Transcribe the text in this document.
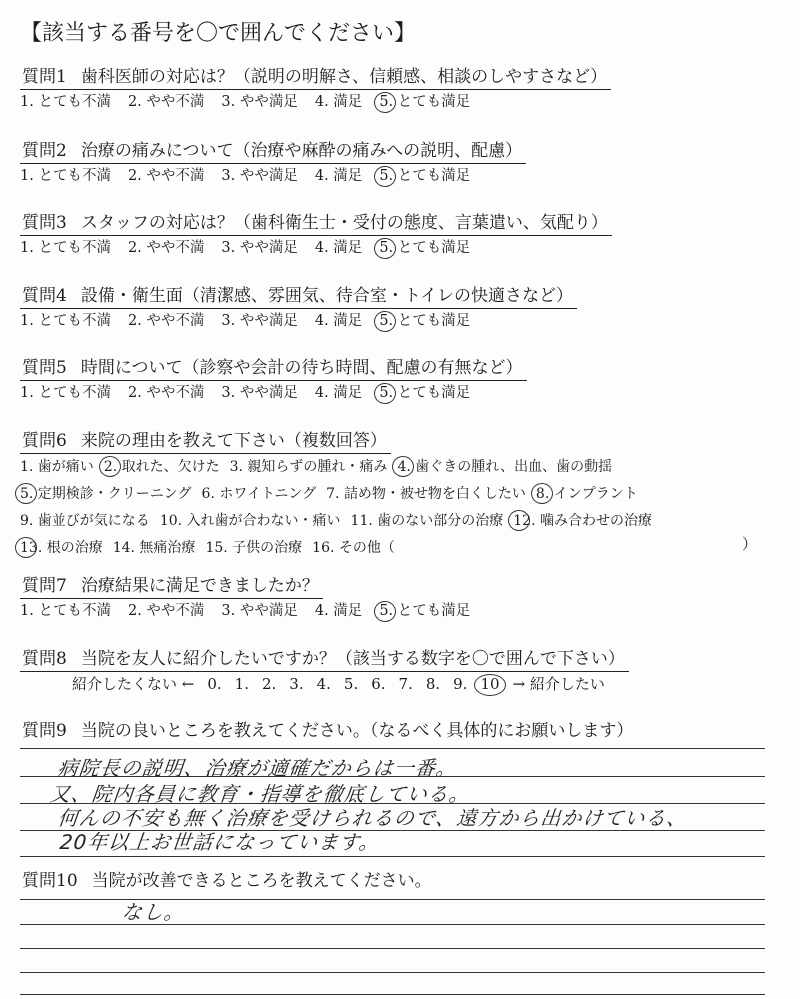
【該当する番号を〇で囲んでください】
質問1 歯科医師の対応は？（説明の明解さ、信頼感、相談のしやすさなど）
1. とても不満 2. やや不満 3. やや満足 4. 満足 5. とても満足
質問2 治療の痛みについて（治療や麻酔の痛みへの説明、配慮）
1. とても不満 2. やや不満 3. やや満足 4. 満足 5. とても満足
質問3 スタッフの対応は？（歯科衛生士・受付の態度、言葉遣い、気配り）
1. とても不満 2. やや不満 3. やや満足 4. 満足 5. とても満足
質問4 設備・衛生面（清潔感、雰囲気、待合室・トイレの快適さなど）
1. とても不満 2. やや不満 3. やや満足 4. 満足 5. とても満足
質問5 時間について（診察や会計の待ち時間、配慮の有無など）
1. とても不満 2. やや不満 3. やや満足 4. 満足 5. とても満足
質問6 来院の理由を教えて下さい（複数回答）
1. 歯が痛い 2. 取れた、欠けた 3. 親知らずの腫れ・痛み 4. 歯ぐきの腫れ、出血、歯の動揺
5. 定期検診・クリーニング 6. ホワイトニング 7. 詰め物・被せ物を白くしたい 8. インプラント
9. 歯並びが気になる 10. 入れ歯が合わない・痛い 11. 歯のない部分の治療 12. 噛み合わせの治療
13. 根の治療 14. 無痛治療 15. 子供の治療 16. その他（	）
質問7 治療結果に満足できましたか？
1. とても不満 2. やや不満 3. やや満足 4. 満足 5. とても満足
質問8 当院を友人に紹介したいですか？（該当する数字を〇で囲んで下さい）
紹介したくない ← 0. 1. 2. 3. 4. 5. 6. 7. 8. 9. 10 → 紹介したい
質問9 当院の良いところを教えてください。（なるべく具体的にお願いします）
病院長の説明、治療が適確だからは一番。
又、院内各員に教育・指導を徹底している。
何んの不安も無く治療を受けられるので、遠方から出かけている、
20年以上お世話になっています。
質問10 当院が改善できるところを教えてください。
なし。
